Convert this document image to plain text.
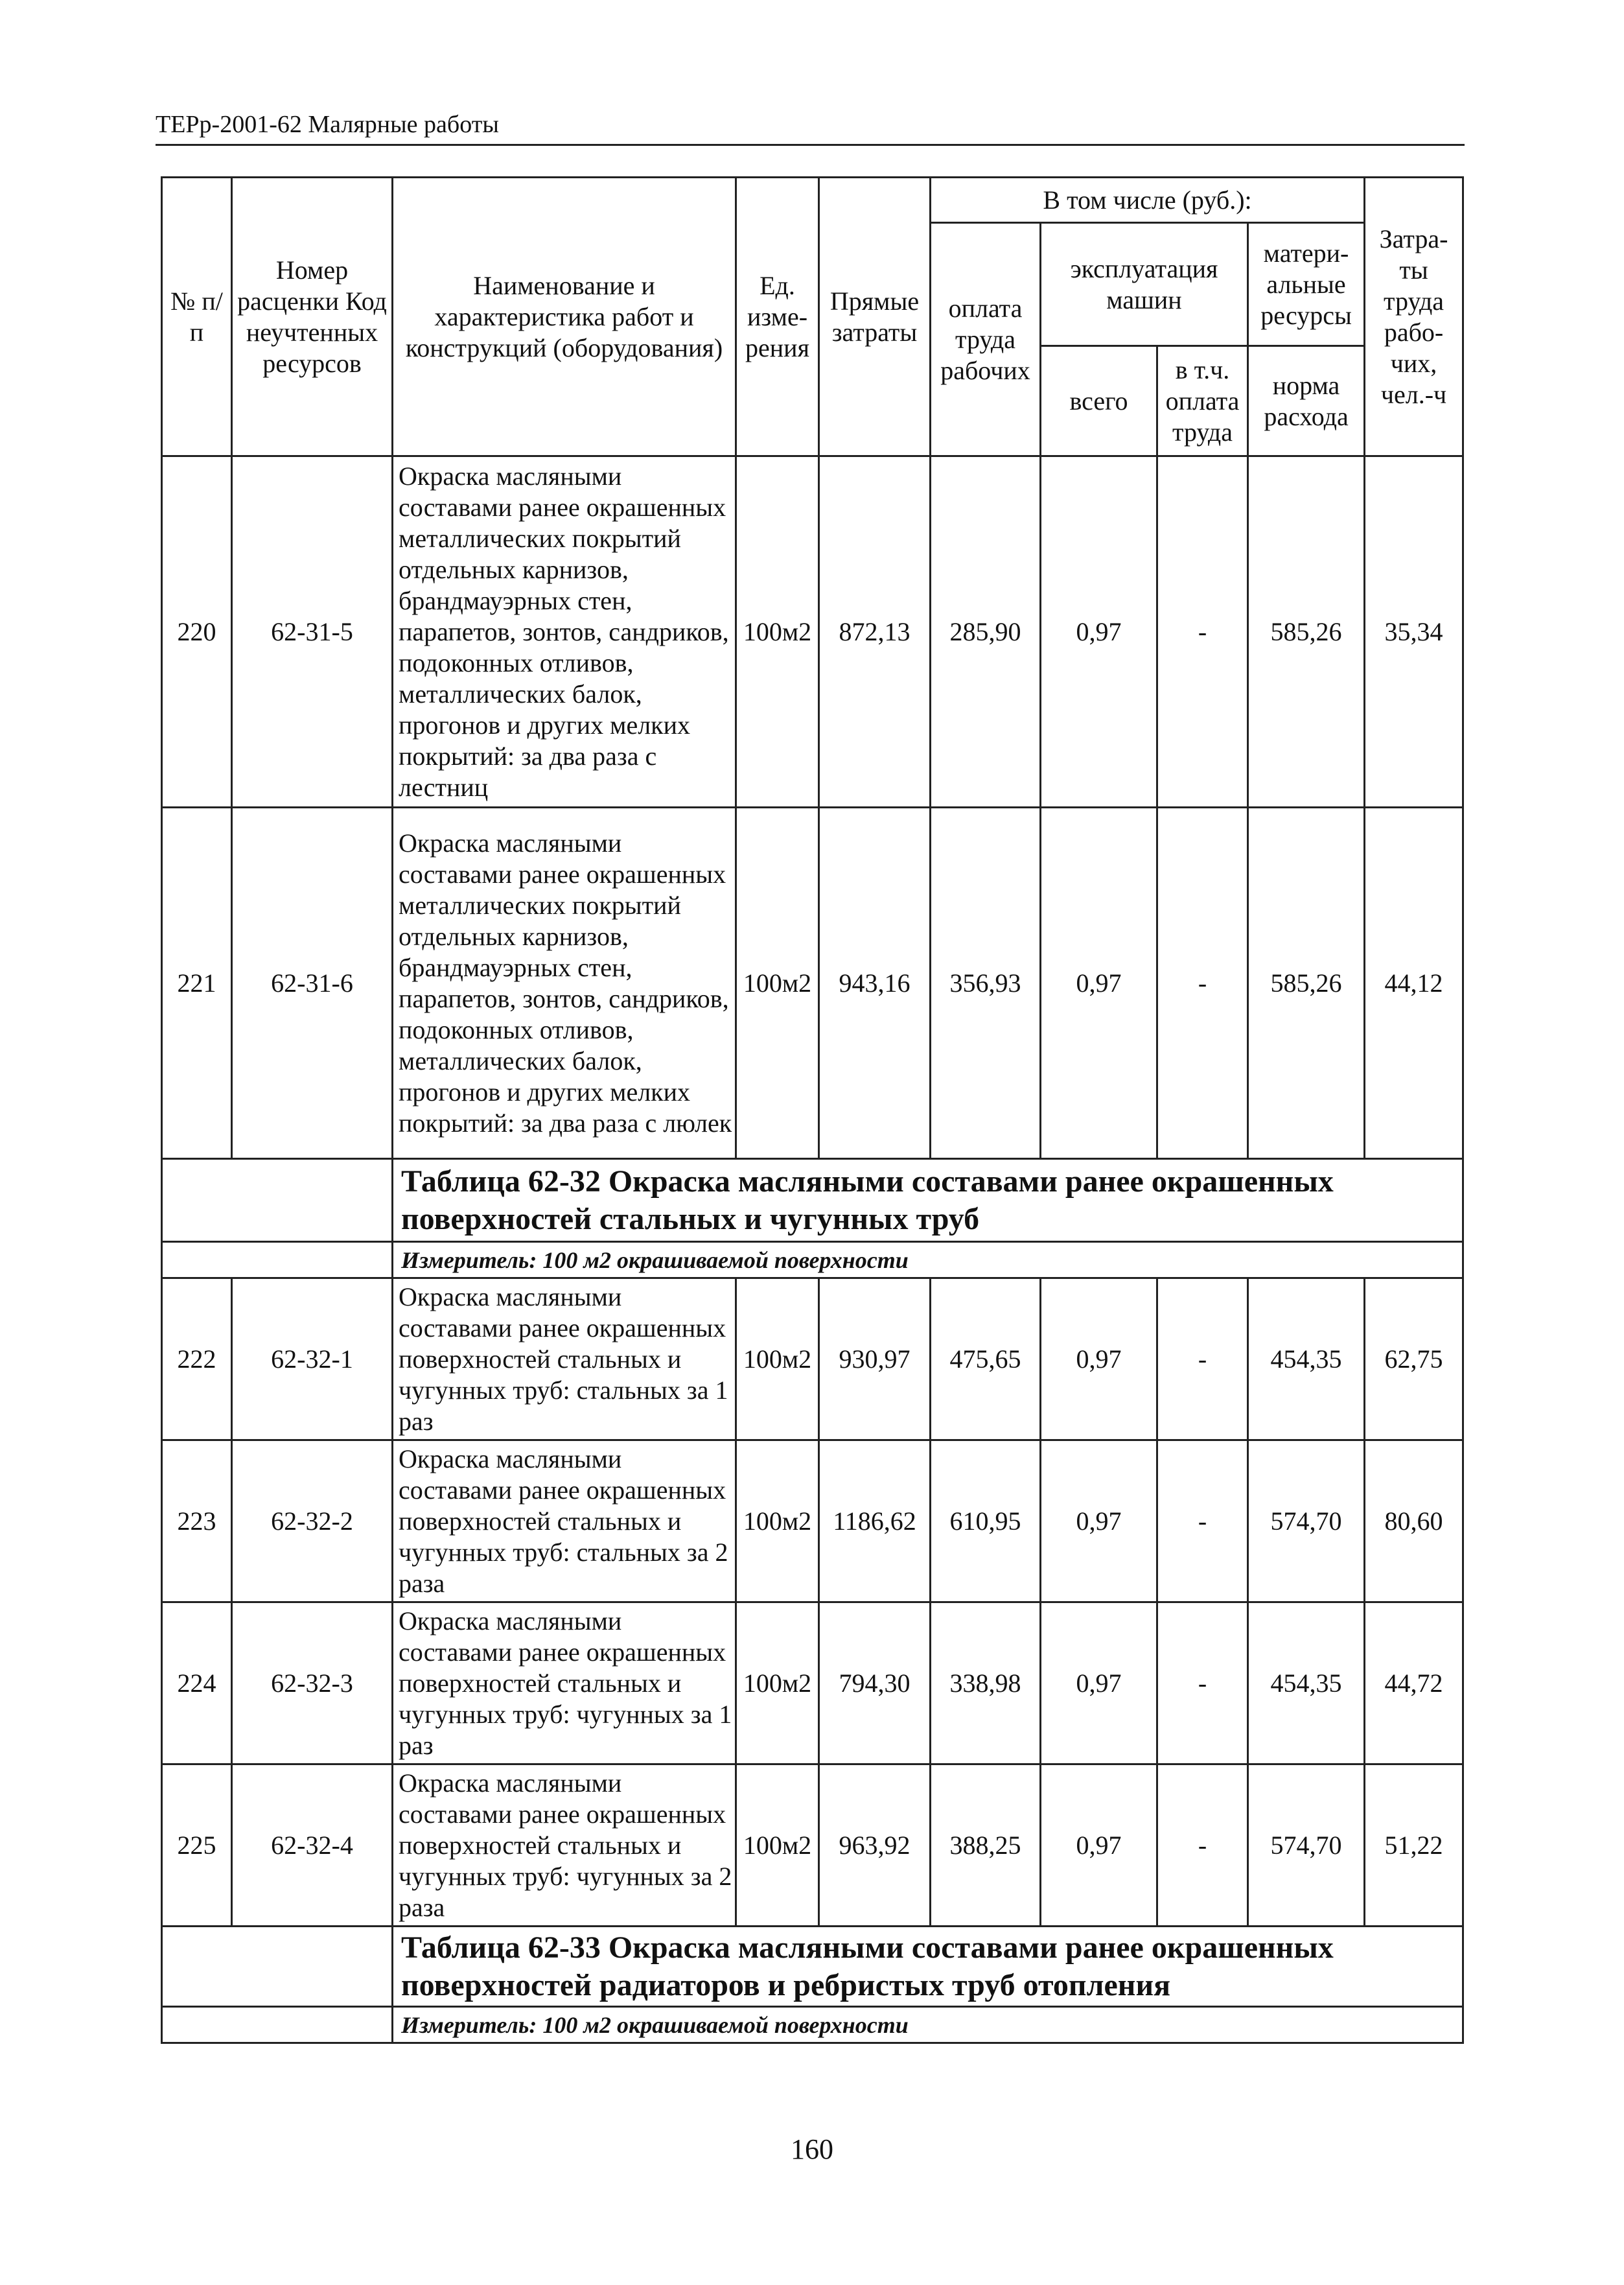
ТЕРр-2001-62 Малярные работы
№ п/п	Номер расценки Код неучтенных ресурсов	Наименование и характеристика работ и конструкций (оборудования)	Ед. изме-рения	Прямые затраты	В том числе (руб.):				Затра-ты труда рабо-чих, чел.-ч
					оплата труда рабочих	эксплуатация машин		матери-альные ресурсы	
						всего	в т.ч. оплата труда	норма расхода	
220	62-31-5	Окраска масляными составами ранее окрашенных металлических покрытий отдельных карнизов, брандмауэрных стен, парапетов, зонтов, сандриков, подоконных отливов, металлических балок, прогонов и других мелких покрытий: за два раза с лестниц	100м2	872,13	285,90	0,97	-	585,26	35,34
221	62-31-6	Окраска масляными составами ранее окрашенных металлических покрытий отдельных карнизов, брандмауэрных стен, парапетов, зонтов, сандриков, подоконных отливов, металлических балок, прогонов и других мелких покрытий: за два раза с люлек	100м2	943,16	356,93	0,97	-	585,26	44,12
		Таблица 62-32 Окраска масляными составами ранее окрашенных поверхностей стальных и чугунных труб							
		Измеритель: 100 м2 окрашиваемой поверхности							
222	62-32-1	Окраска масляными составами ранее окрашенных поверхностей стальных и чугунных труб: стальных за 1 раз	100м2	930,97	475,65	0,97	-	454,35	62,75
223	62-32-2	Окраска масляными составами ранее окрашенных поверхностей стальных и чугунных труб: стальных за 2 раза	100м2	1186,62	610,95	0,97	-	574,70	80,60
224	62-32-3	Окраска масляными составами ранее окрашенных поверхностей стальных и чугунных труб: чугунных за 1 раз	100м2	794,30	338,98	0,97	-	454,35	44,72
225	62-32-4	Окраска масляными составами ранее окрашенных поверхностей стальных и чугунных труб: чугунных за 2 раза	100м2	963,92	388,25	0,97	-	574,70	51,22
		Таблица 62-33 Окраска масляными составами ранее окрашенных поверхностей радиаторов и ребристых труб отопления							
		Измеритель: 100 м2 окрашиваемой поверхности							
160
